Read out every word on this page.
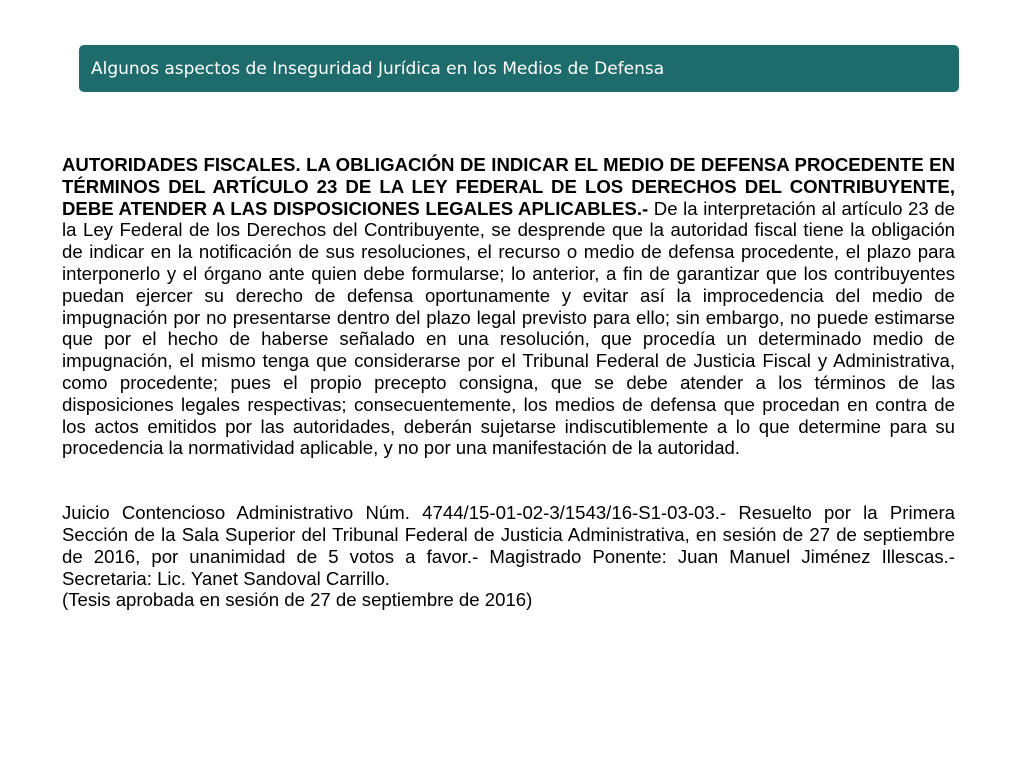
Algunos aspectos de Inseguridad Jurídica en los Medios de Defensa

AUTORIDADES FISCALES. LA OBLIGACIÓN DE INDICAR EL MEDIO DE DEFENSA PROCEDENTE EN TÉRMINOS DEL ARTÍCULO 23 DE LA LEY FEDERAL DE LOS DERECHOS DEL CONTRIBUYENTE, DEBE ATENDER A LAS DISPOSICIONES LEGALES APLICABLES.- De la interpretación al artículo 23 de la Ley Federal de los Derechos del Contribuyente, se desprende que la autoridad fiscal tiene la obligación de indicar en la notificación de sus resoluciones, el recurso o medio de defensa procedente, el plazo para interponerlo y el órgano ante quien debe formularse; lo anterior, a fin de garantizar que los contribuyentes puedan ejercer su derecho de defensa oportunamente y evitar así la improcedencia del medio de impugnación por no presentarse dentro del plazo legal previsto para ello; sin embargo, no puede estimarse que por el hecho de haberse señalado en una resolución, que procedía un determinado medio de impugnación, el mismo tenga que considerarse por el Tribunal Federal de Justicia Fiscal y Administrativa, como procedente; pues el propio precepto consigna, que se debe atender a los términos de las disposiciones legales respectivas; consecuentemente, los medios de defensa que procedan en contra de los actos emitidos por las autoridades, deberán sujetarse indiscutiblemente a lo que determine para su procedencia la normatividad aplicable, y no por una manifestación de la autoridad.

Juicio Contencioso Administrativo Núm. 4744/15-01-02-3/1543/16-S1-03-03.- Resuelto por la Primera Sección de la Sala Superior del Tribunal Federal de Justicia Administrativa, en sesión de 27 de septiembre de 2016, por unanimidad de 5 votos a favor.- Magistrado Ponente: Juan Manuel Jiménez Illescas.- Secretaria: Lic. Yanet Sandoval Carrillo.

(Tesis aprobada en sesión de 27 de septiembre de 2016)
